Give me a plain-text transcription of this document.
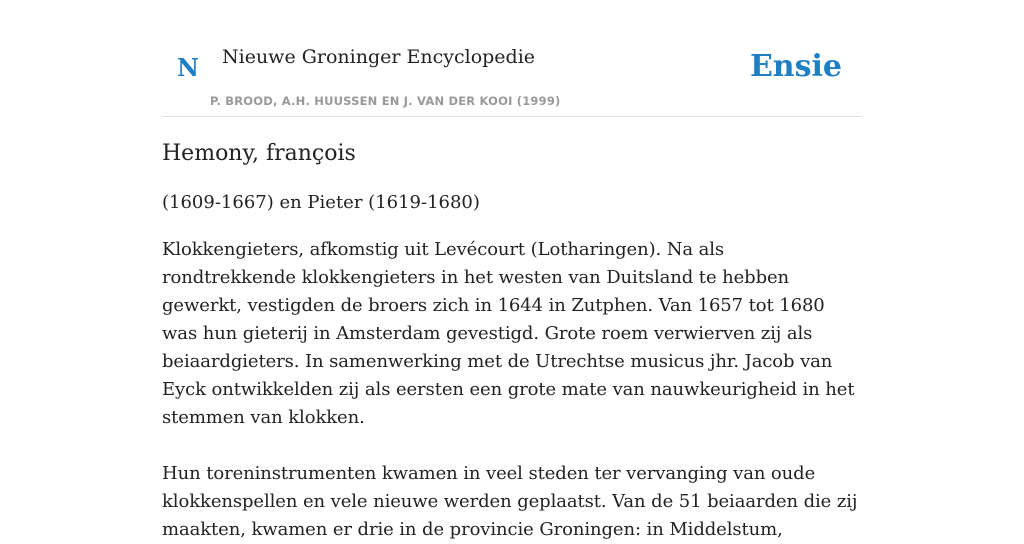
N Nieuwe Groninger Encyclopedie
P. BROOD, A.H. HUUSSEN EN J. VAN DER KOOI (1999)
Ensie
Hemony, françois

(1609-1667) en Pieter (1619-1680)

Klokkengieters, afkomstig uit Levécourt (Lotharingen). Na als rondtrekkende klokkengieters in het westen van Duitsland te hebben gewerkt, vestigden de broers zich in 1644 in Zutphen. Van 1657 tot 1680 was hun gieterij in Amsterdam gevestigd. Grote roem verwierven zij als beiaardgieters. In samenwerking met de Utrechtse musicus jhr. Jacob van Eyck ontwikkelden zij als eersten een grote mate van nauwkeurigheid in het stemmen van klokken.

Hun toreninstrumenten kwamen in veel steden ter vervanging van oude klokkenspellen en vele nieuwe werden geplaatst. Van de 51 beiaarden die zij maakten, kwamen er drie in de provincie Groningen: in Middelstum,
